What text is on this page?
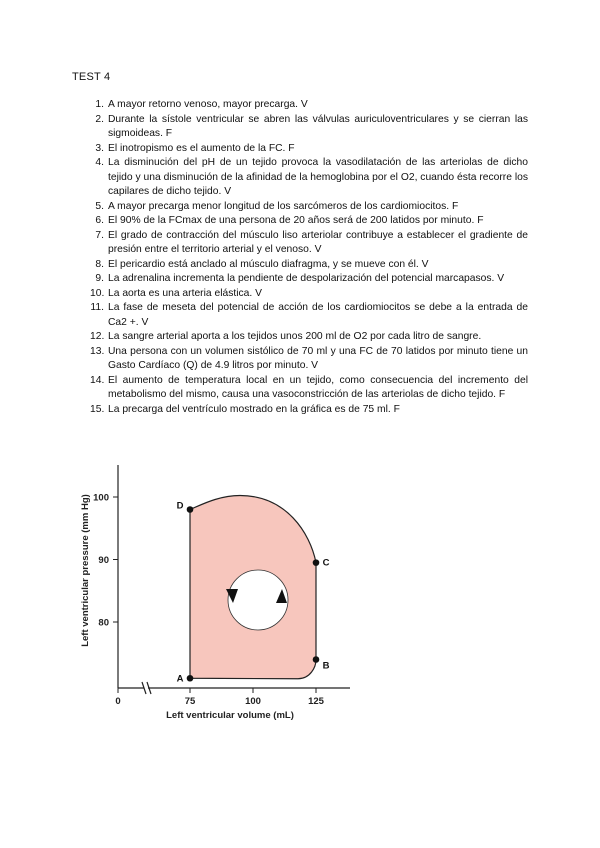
TEST 4
1 . A mayor retorno venoso, mayor precarga. V
2 . Durante la sístole ventricular se abren las válvulas auriculoventriculares y se cierran las sigmoideas. F
3 . El inotropismo es el aumento de la FC. F
4 . La disminución del pH de un tejido provoca la vasodilatación de las arteriolas de dicho tejido y una disminución de la afinidad de la hemoglobina por el O2, cuando ésta recorre los capilares de dicho tejido. V
5 . A mayor precarga menor longitud de los sarcómeros de los cardiomiocitos. F
6 . El 90% de la FCmax de una persona de 20 años será de 200 latidos por minuto. F
7 . El grado de contracción del músculo liso arteriolar contribuye a establecer el gradiente de presión entre el territorio arterial y el venoso. V
8 . El pericardio está anclado al músculo diafragma, y se mueve con él. V
9 . La adrenalina incrementa la pendiente de despolarización del potencial marcapasos. V
10 . La aorta es una arteria elástica. V
11 . La fase de meseta del potencial de acción de los cardiomiocitos se debe a la entrada de Ca2 +. V
12 . La sangre arterial aporta a los tejidos unos 200 ml de O2 por cada litro de sangre.
13 . Una persona con un volumen sistólico de 70 ml y una FC de 70 latidos por minuto tiene un Gasto Cardíaco (Q) de 4.9 litros por minuto. V
14 . El aumento de temperatura local en un tejido, como consecuencia del incremento del metabolismo del mismo, causa una vasoconstricción de las arteriolas de dicho tejido. F
15 . La precarga del ventrículo mostrado en la gráfica es de 75 ml. F
80
90
100
0	75	100	125
A
B
C
D
Left ventricular volume (mL)
Left ventricular pressure (mm Hg)
